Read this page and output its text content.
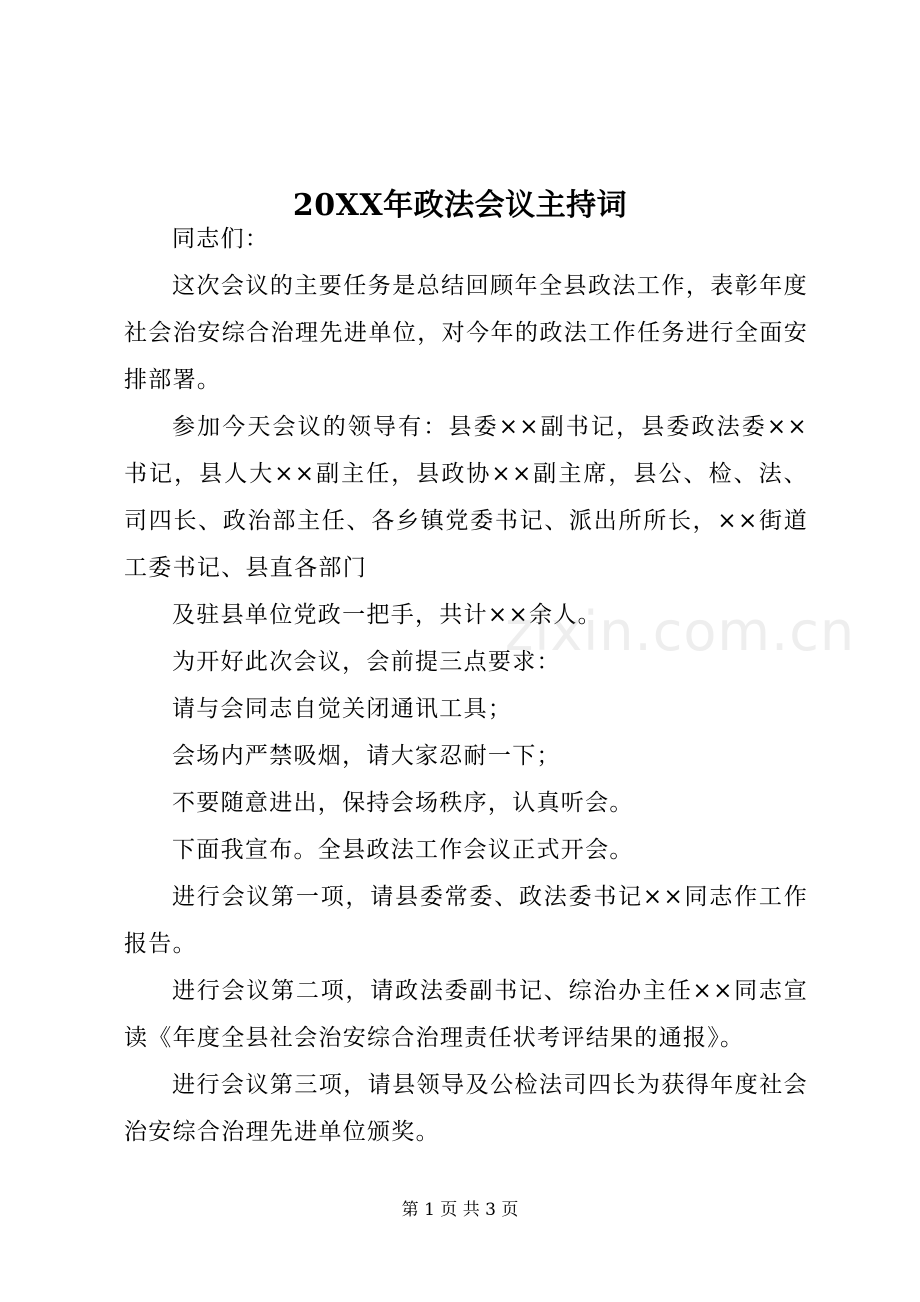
20XX年政法会议主持词

同志们：

这次会议的主要任务是总结回顾年全县政法工作，表彰年度社会治安综合治理先进单位，对今年的政法工作任务进行全面安排部署。

参加今天会议的领导有：县委××副书记，县委政法委××书记，县人大××副主任，县政协××副主席，县公、检、法、司四长、政治部主任、各乡镇党委书记、派出所所长，××街道工委书记、县直各部门

及驻县单位党政一把手，共计××余人。

为开好此次会议，会前提三点要求：

请与会同志自觉关闭通讯工具；

会场内严禁吸烟，请大家忍耐一下；

不要随意进出，保持会场秩序，认真听会。

下面我宣布。全县政法工作会议正式开会。

进行会议第一项，请县委常委、政法委书记××同志作工作报告。

进行会议第二项，请政法委副书记、综治办主任××同志宣读《年度全县社会治安综合治理责任状考评结果的通报》。

进行会议第三项，请县领导及公检法司四长为获得年度社会治安综合治理先进单位颁奖。

zixin.com.cn
第 1 页 共 3 页
